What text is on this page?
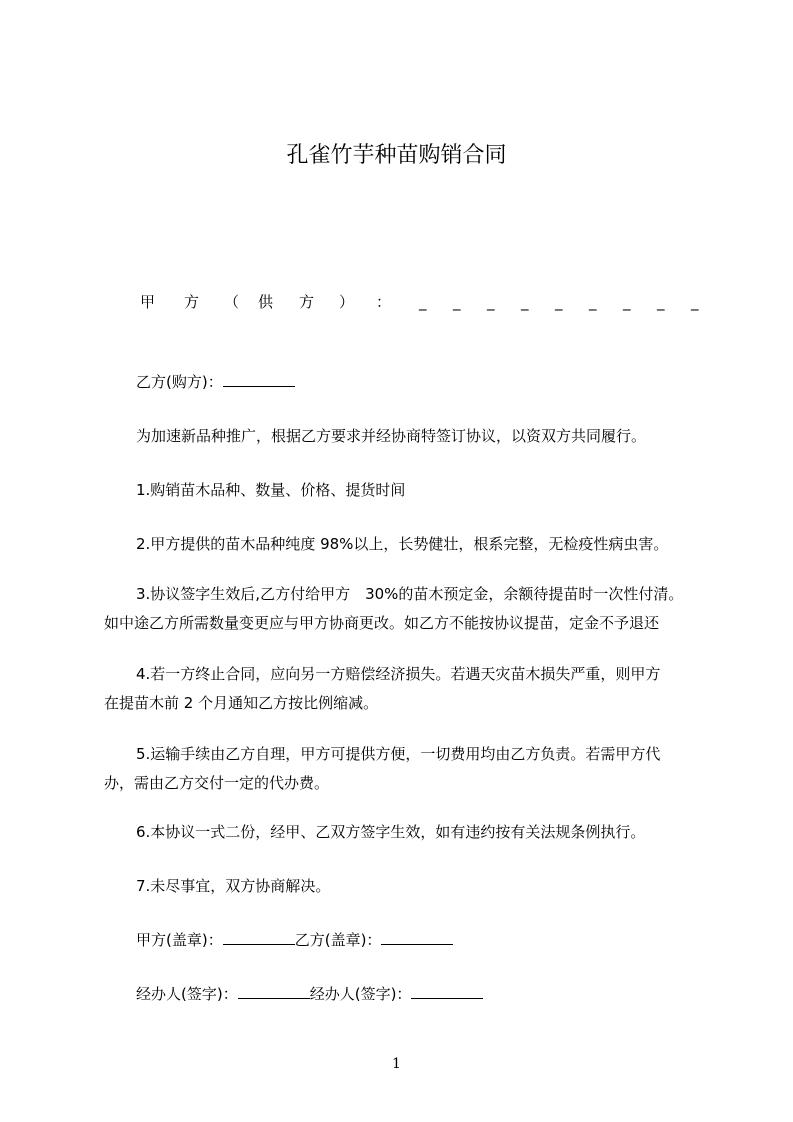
孔雀竹芋种苗购销合同
甲 方 （ 供 方 ） ： _ _ _ _ _ _ _ _ _
乙方(购方)：
为加速新品种推广，根据乙方要求并经协商特签订协议，以资双方共同履行。
1.购销苗木品种、数量、价格、提货时间
2.甲方提供的苗木品种纯度 98%以上，长势健壮，根系完整，无检疫性病虫害。
3.协议签字生效后,乙方付给甲方　30%的苗木预定金，余额待提苗时一次性付清。
如中途乙方所需数量变更应与甲方协商更改。如乙方不能按协议提苗，定金不予退还
4.若一方终止合同，应向另一方赔偿经济损失。若遇天灾苗木损失严重，则甲方
在提苗木前 2 个月通知乙方按比例缩减。
5.运输手续由乙方自理，甲方可提供方便，一切费用均由乙方负责。若需甲方代
办，需由乙方交付一定的代办费。
6.本协议一式二份，经甲、乙双方签字生效，如有违约按有关法规条例执行。
7.未尽事宜，双方协商解决。
甲方(盖章)：	乙方(盖章)：
经办人(签字)：	经办人(签字)：
1
